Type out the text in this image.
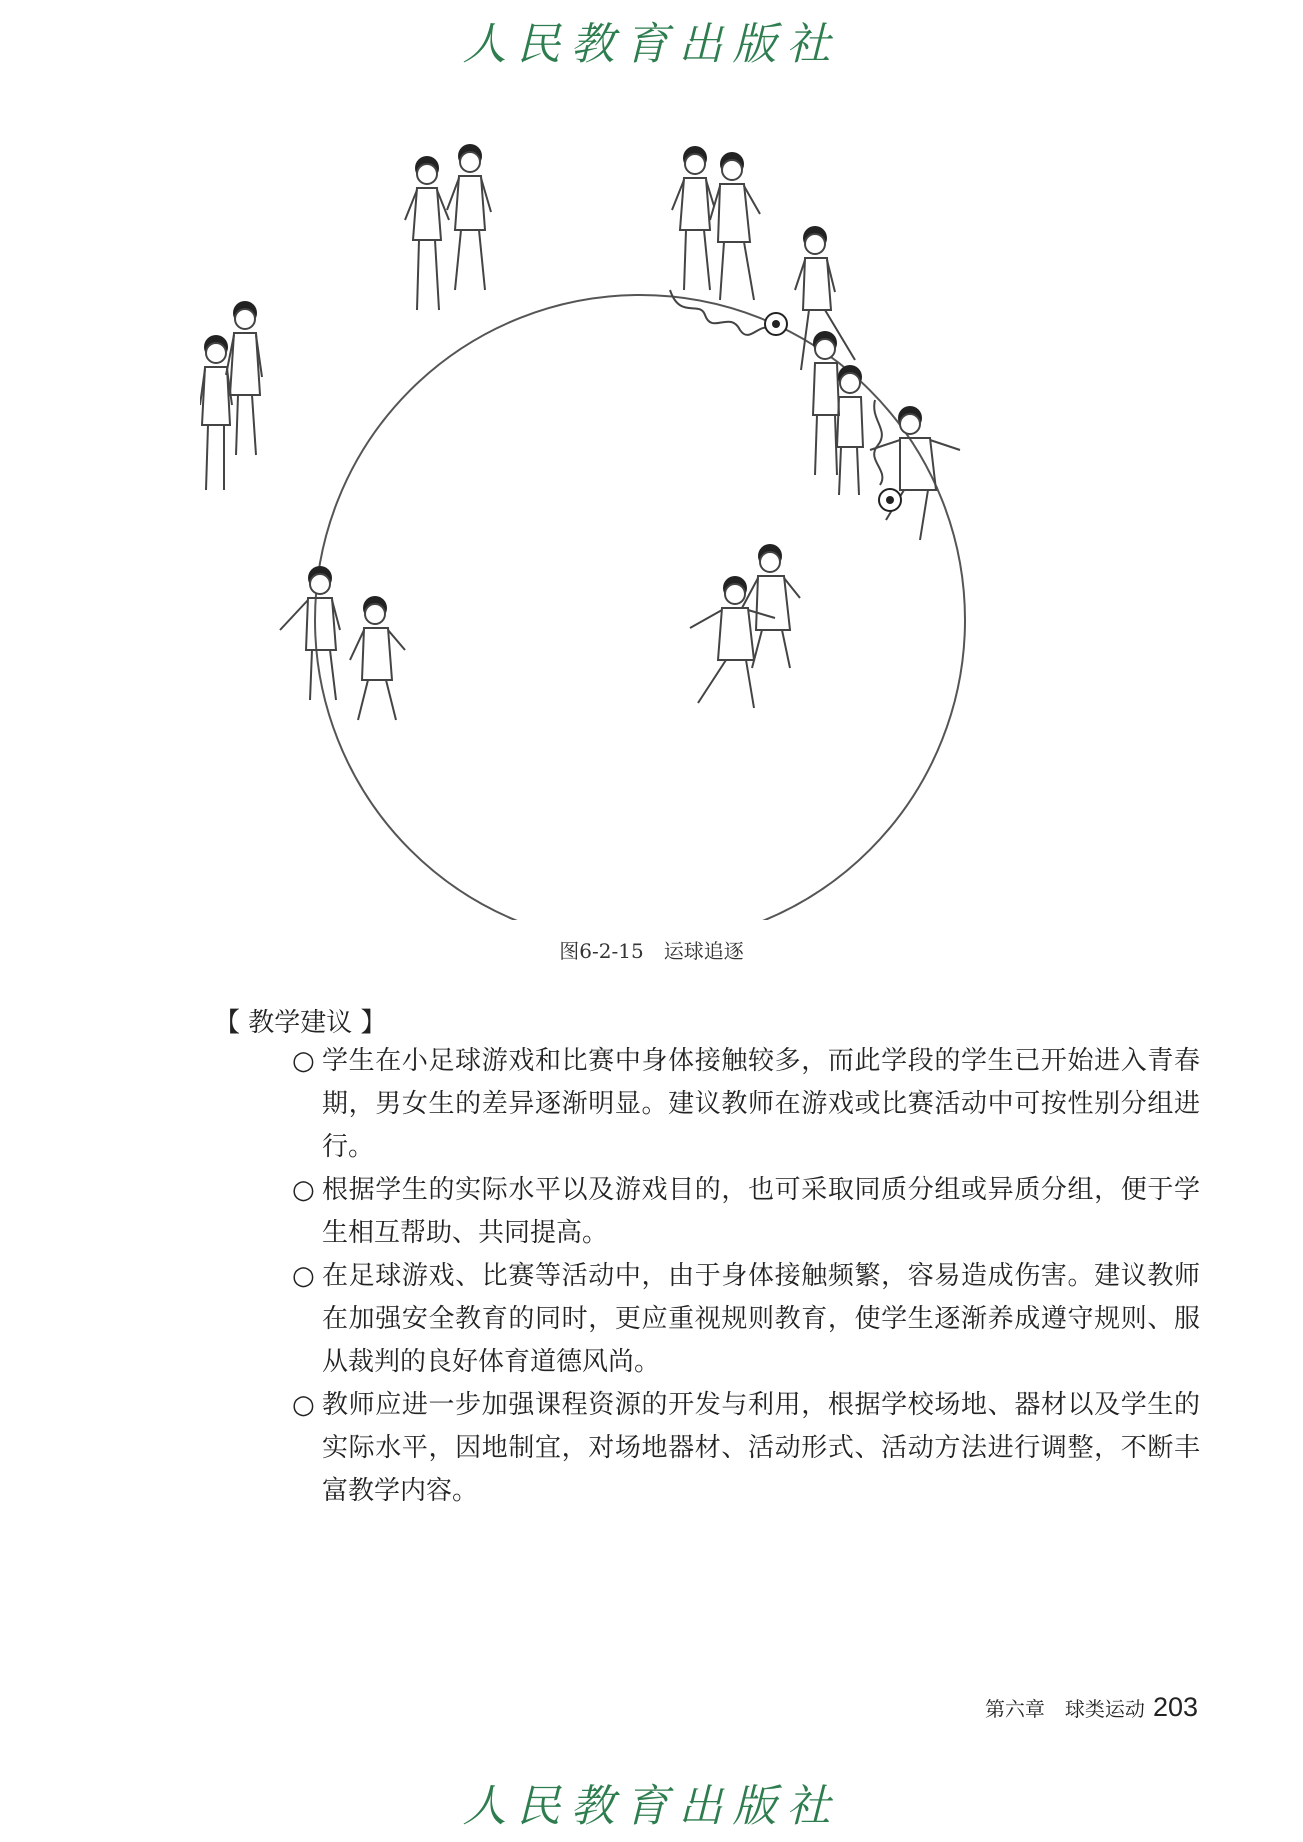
人民教育出版社
图6-2-15　运球追逐
【 教学建议 】
○ 学生在小足球游戏和比赛中身体接触较多，而此学段的学生已开始进入青春期，男女生的差异逐渐明显。建议教师在游戏或比赛活动中可按性别分组进行。
○ 根据学生的实际水平以及游戏目的，也可采取同质分组或异质分组，便于学生相互帮助、共同提高。
○ 在足球游戏、比赛等活动中，由于身体接触频繁，容易造成伤害。建议教师在加强安全教育的同时，更应重视规则教育，使学生逐渐养成遵守规则、服从裁判的良好体育道德风尚。
○ 教师应进一步加强课程资源的开发与利用，根据学校场地、器材以及学生的实际水平，因地制宜，对场地器材、活动形式、活动方法进行调整，不断丰富教学内容。
第六章　球类运动 203
人民教育出版社
